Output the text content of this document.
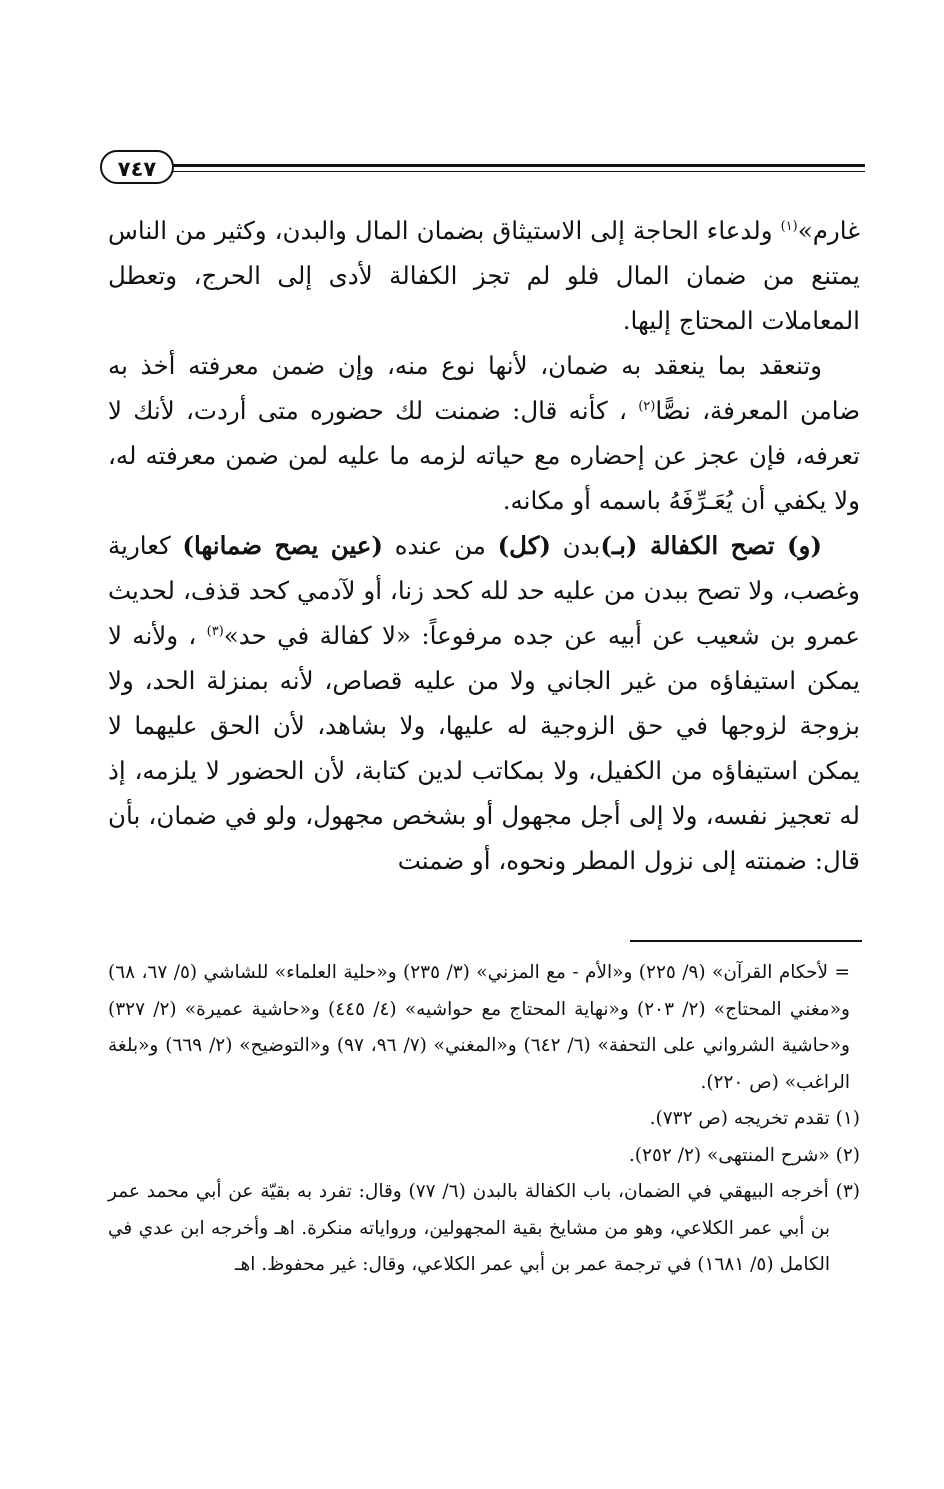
٧٤٧

غارم»$^{(١)}$ ولدعاء الحاجة إلى الاستيثاق بضمان المال والبدن، وكثير من الناس يمتنع من ضمان المال فلو لم تجز الكفالة لأدى إلى الحرج، وتعطل المعاملات المحتاج إليها.

وتنعقد بما ينعقد به ضمان، لأنها نوع منه، وإن ضمن معرفته أخذ به ضامن المعرفة، نصًّا$^{(٢)}$ ، كأنه قال: ضمنت لك حضوره متى أردت، لأنك لا تعرفه، فإن عجز عن إحضاره مع حياته لزمه ما عليه لمن ضمن معرفته له، ولا يكفي أن يُعَـرِّفَهُ باسمه أو مكانه.

(و) تصح الكفالة (بـ)بدن (كل) من عنده (عين يصح ضمانها) كعارية وغصب، ولا تصح ببدن من عليه حد لله كحد زنا، أو لآدمي كحد قذف، لحديث عمرو بن شعيب عن أبيه عن جده مرفوعاً: «لا كفالة في حد»$^{(٣)}$ ، ولأنه لا يمكن استيفاؤه من غير الجاني ولا من عليه قصاص، لأنه بمنزلة الحد، ولا بزوجة لزوجها في حق الزوجية له عليها، ولا بشاهد، لأن الحق عليهما لا يمكن استيفاؤه من الكفيل، ولا بمكاتب لدين كتابة، لأن الحضور لا يلزمه، إذ له تعجيز نفسه، ولا إلى أجل مجهول أو بشخص مجهول، ولو في ضمان، بأن قال: ضمنته إلى نزول المطر ونحوه، أو ضمنت

= لأحكام القرآن» (٩/ ٢٢٥) و«الأم - مع المزني» (٣/ ٢٣٥) و«حلية العلماء» للشاشي (٥/ ٦٧، ٦٨) و«مغني المحتاج» (٢/ ٢٠٣) و«نهاية المحتاج مع حواشيه» (٤/ ٤٤٥) و«حاشية عميرة» (٢/ ٣٢٧) و«حاشية الشرواني على التحفة» (٦/ ٦٤٢) و«المغني» (٧/ ٩٦، ٩٧) و«التوضيح» (٢/ ٦٦٩) و«بلغة الراغب» (ص ٢٢٠).

(١) تقدم تخريجه (ص ٧٣٢).

(٢) «شرح المنتهى» (٢/ ٢٥٢).

(٣) أخرجه البيهقي في الضمان، باب الكفالة بالبدن (٦/ ٧٧) وقال: تفرد به بقيّة عن أبي محمد عمر بن أبي عمر الكلاعي، وهو من مشايخ بقية المجهولين، ورواياته منكرة. اهـ وأخرجه ابن عدي في الكامل (٥/ ١٦٨١) في ترجمة عمر بن أبي عمر الكلاعي، وقال: غير محفوظ. اهـ
